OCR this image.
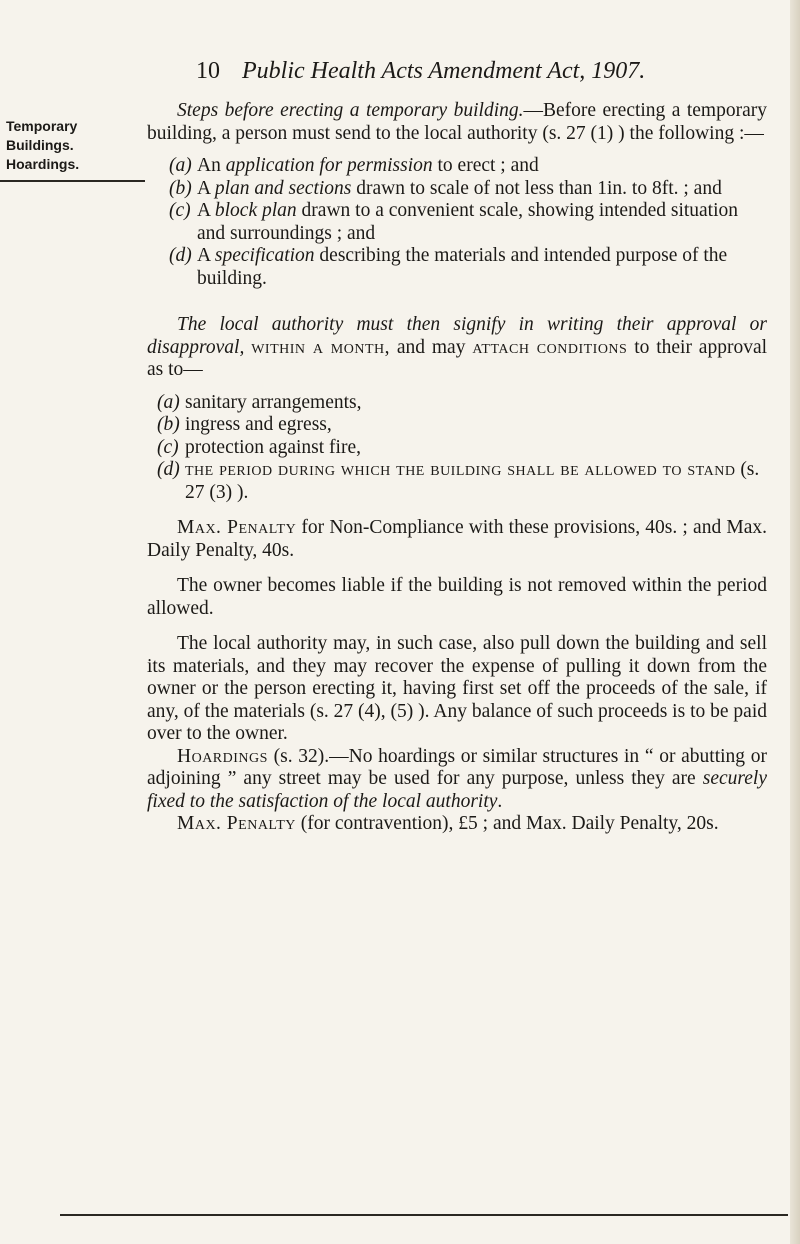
10 Public Health Acts Amendment Act, 1907.
Temporary
Buildings.
Hoardings.

Steps before erecting a temporary building.—Before erecting a temporary building, a person must send to the local authority (s. 27 (1) ) the following :—

(a) An application for permission to erect ; and
(b) A plan and sections drawn to scale of not less than 1in. to 8ft. ; and
(c) A block plan drawn to a convenient scale, showing intended situation and surroundings ; and
(d) A specification describing the materials and intended purpose of the building.

The local authority must then signify in writing their approval or disapproval, within a month, and may attach conditions to their approval as to—

(a) sanitary arrangements,
(b) ingress and egress,
(c) protection against fire,
(d) the period during which the building shall be allowed to stand (s. 27 (3) ).

Max. Penalty for Non-Compliance with these provisions, 40s. ; and Max. Daily Penalty, 40s.

The owner becomes liable if the building is not removed within the period allowed.

The local authority may, in such case, also pull down the building and sell its materials, and they may recover the expense of pulling it down from the owner or the person erecting it, having first set off the proceeds of the sale, if any, of the materials (s. 27 (4), (5) ). Any balance of such proceeds is to be paid over to the owner.

Hoardings (s. 32).—No hoardings or similar structures in “ or abutting or adjoining ” any street may be used for any purpose, unless they are securely fixed to the satisfaction of the local authority.

Max. Penalty (for contravention), £5 ; and Max. Daily Penalty, 20s.
